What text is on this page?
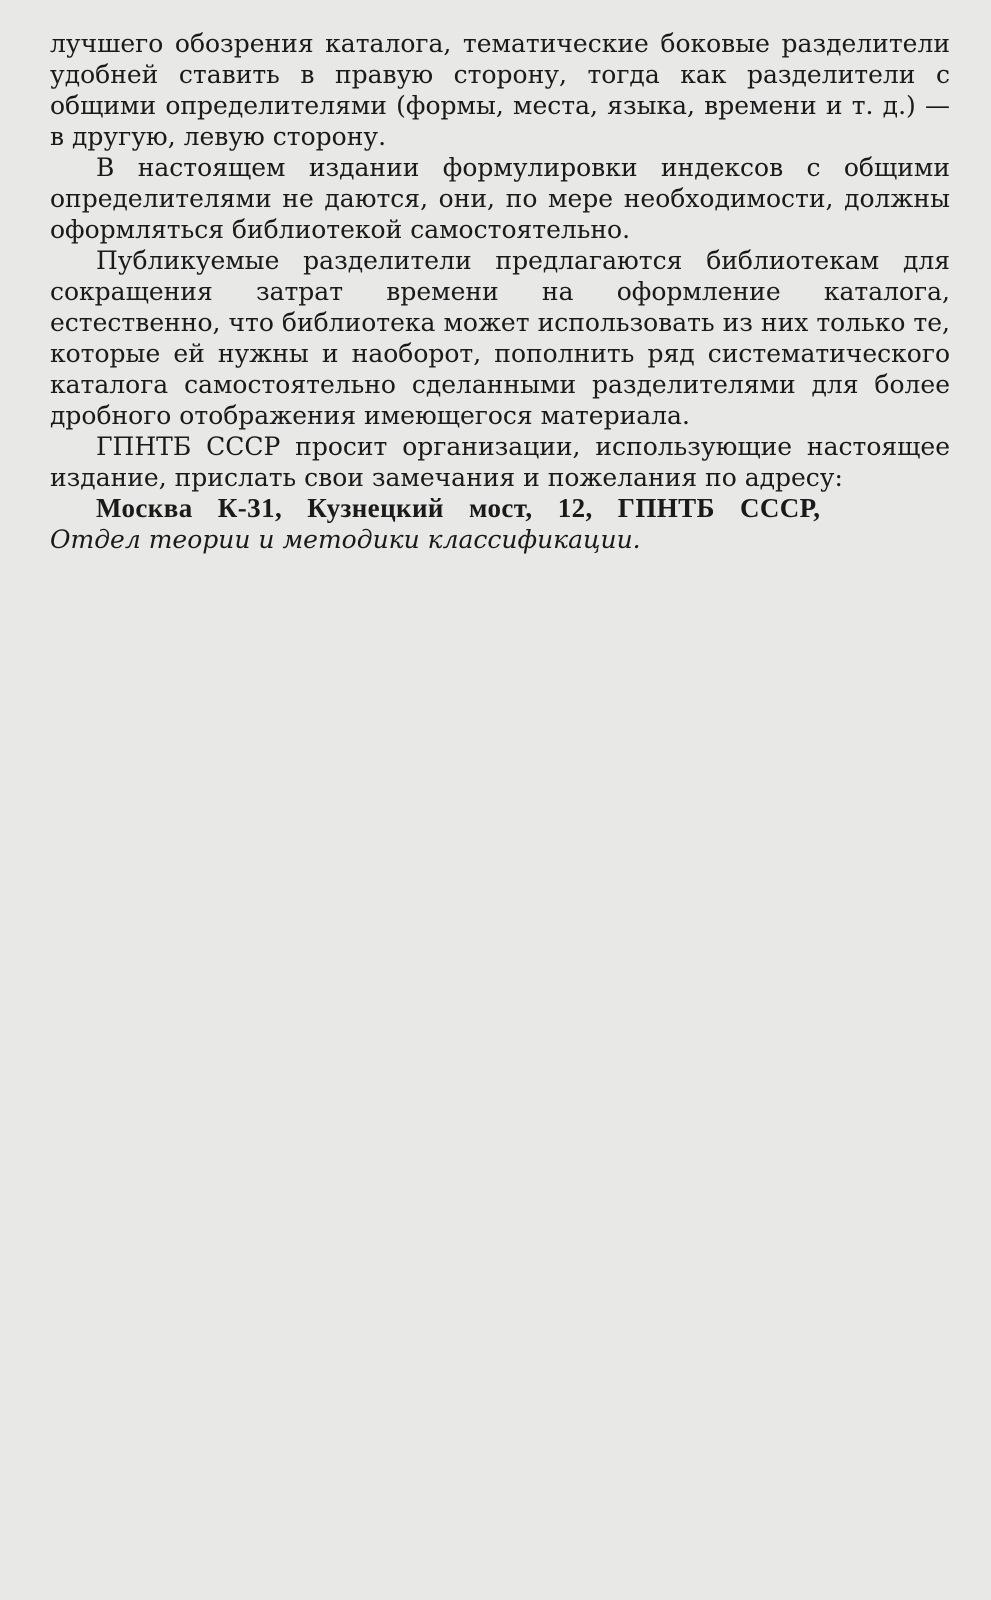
лучшего обозрения каталога, тематические боковые разделители удобней ставить в правую сторону, тогда как разделители с общими определителями (формы, места, языка, времени и т. д.) — в другую, левую сторону.

В настоящем издании формулировки индексов с общими определителями не даются, они, по мере необходимости, должны оформляться библиотекой самостоятельно.

Публикуемые разделители предлагаются библиотекам для сокращения затрат времени на оформление каталога, естественно, что библиотека может использовать из них только те, которые ей нужны и наоборот, пополнить ряд систематического каталога самостоятельно сделанными разделителями для более дробного отображения имеющегося материала.

ГПНТБ СССР просит организации, использующие настоящее издание, прислать свои замечания и пожелания по адресу:

Москва К-31, Кузнецкий мост, 12, ГПНТБ СССР,

Отдел теории и методики классификации.
